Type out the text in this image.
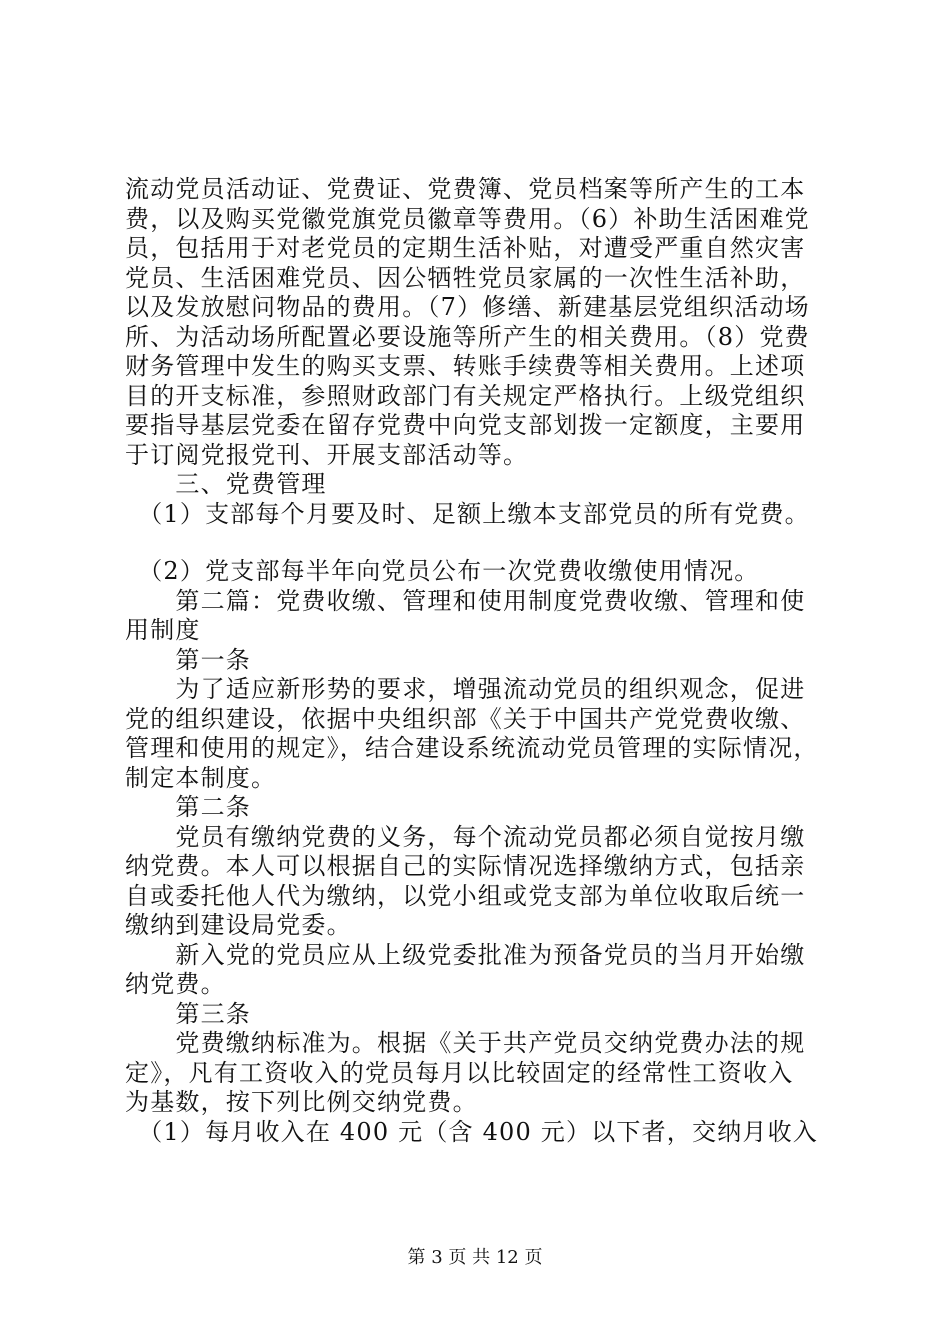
流动党员活动证、党费证、党费簿、党员档案等所产生的工本
费，以及购买党徽党旗党员徽章等费用。（6）补助生活困难党
员，包括用于对老党员的定期生活补贴，对遭受严重自然灾害
党员、生活困难党员、因公牺牲党员家属的一次性生活补助，
以及发放慰问物品的费用。（7）修缮、新建基层党组织活动场
所、为活动场所配置必要设施等所产生的相关费用。（8）党费
财务管理中发生的购买支票、转账手续费等相关费用。上述项
目的开支标准，参照财政部门有关规定严格执行。上级党组织
要指导基层党委在留存党费中向党支部划拨一定额度，主要用
于订阅党报党刊、开展支部活动等。
　　三、党费管理
　（1）支部每个月要及时、足额上缴本支部党员的所有党费。
　（2）党支部每半年向党员公布一次党费收缴使用情况。
　　第二篇：党费收缴、管理和使用制度党费收缴、管理和使
用制度
　　第一条
　　为了适应新形势的要求，增强流动党员的组织观念，促进
党的组织建设，依据中央组织部《关于中国共产党党费收缴、
管理和使用的规定》，结合建设系统流动党员管理的实际情况，
制定本制度。
　　第二条
　　党员有缴纳党费的义务，每个流动党员都必须自觉按月缴
纳党费。本人可以根据自己的实际情况选择缴纳方式，包括亲
自或委托他人代为缴纳，以党小组或党支部为单位收取后统一
缴纳到建设局党委。
　　新入党的党员应从上级党委批准为预备党员的当月开始缴
纳党费。
　　第三条
　　党费缴纳标准为。根据《关于共产党员交纳党费办法的规
定》，凡有工资收入的党员每月以比较固定的经常性工资收入
为基数，按下列比例交纳党费。
　（1）每月收入在 400 元（含 400 元）以下者，交纳月收入
第 3 页 共 12 页
